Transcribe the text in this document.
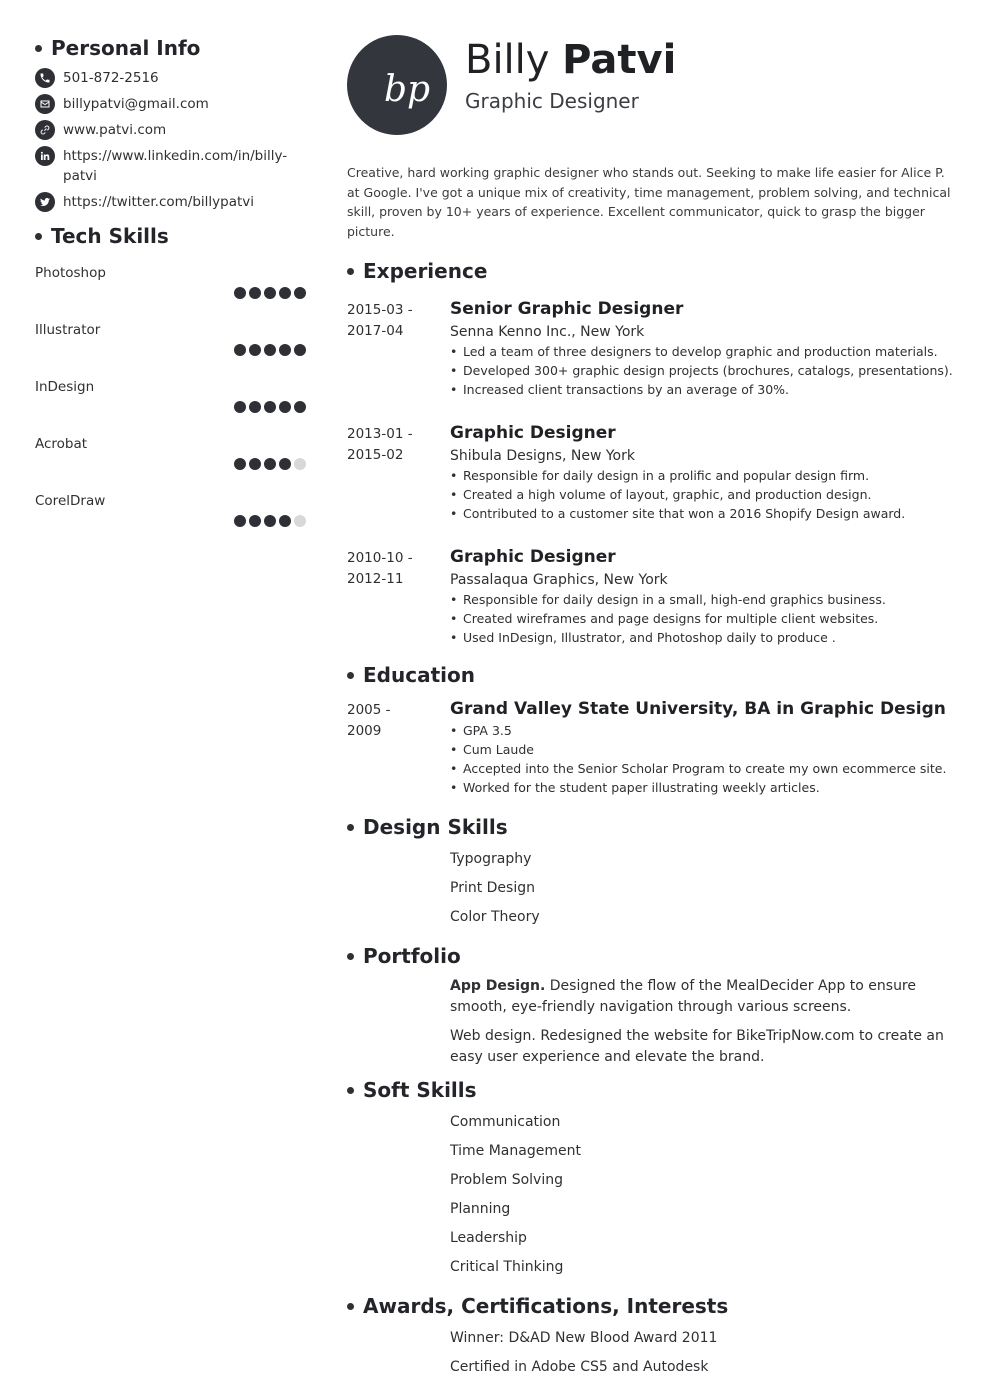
Personal Info
501-872-2516
billypatvi@gmail.com
www.patvi.com
https://www.linkedin.com/in/billy-
patvi
https://twitter.com/billypatvi
Tech Skills
Photoshop
Illustrator
InDesign
Acrobat
CorelDraw
bp
Billy Patvi
Graphic Designer
Creative, hard working graphic designer who stands out. Seeking to make life easier for Alice P. at Google. I've got a unique mix of creativity, time management, problem solving, and technical skill, proven by 10+ years of experience. Excellent communicator, quick to grasp the bigger picture.
Experience
2015-03 -
2017-04
Senior Graphic Designer
Senna Kenno Inc., New York
• Led a team of three designers to develop graphic and production materials.
• Developed 300+ graphic design projects (brochures, catalogs, presentations).
• Increased client transactions by an average of 30%.
2013-01 -
2015-02
Graphic Designer
Shibula Designs, New York
• Responsible for daily design in a prolific and popular design firm.
• Created a high volume of layout, graphic, and production design.
• Contributed to a customer site that won a 2016 Shopify Design award.
2010-10 -
2012-11
Graphic Designer
Passalaqua Graphics, New York
• Responsible for daily design in a small, high-end graphics business.
• Created wireframes and page designs for multiple client websites.
• Used InDesign, Illustrator, and Photoshop daily to produce .
Education
2005 -
2009
Grand Valley State University, BA in Graphic Design
• GPA 3.5
• Cum Laude
• Accepted into the Senior Scholar Program to create my own ecommerce site.
• Worked for the student paper illustrating weekly articles.
Design Skills
Typography
Print Design
Color Theory
Portfolio

App Design. Designed the flow of the MealDecider App to ensure smooth, eye-friendly navigation through various screens.

Web design. Redesigned the website for BikeTripNow.com to create an easy user experience and elevate the brand.

Soft Skills
Communication
Time Management
Problem Solving
Planning
Leadership
Critical Thinking
Awards, Certifications, Interests
Winner: D&AD New Blood Award 2011
Certified in Adobe CS5 and Autodesk
